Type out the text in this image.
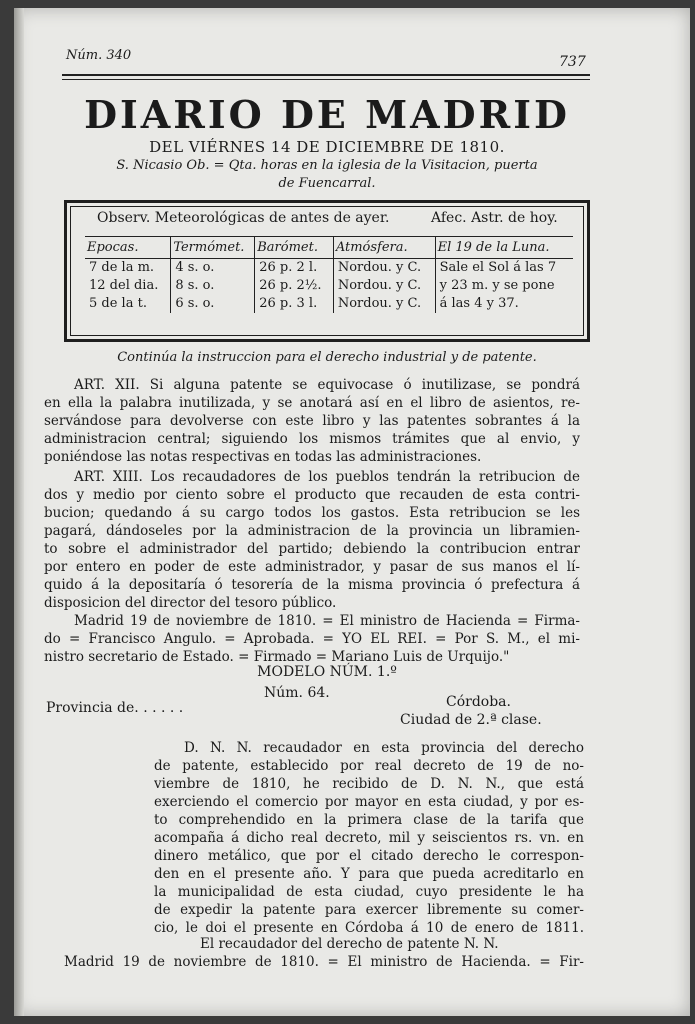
Núm. 340	737
DIARIO DE MADRID
DEL VIÉRNES 14 DE DICIEMBRE DE 1810.
S. Nicasio Ob. = Qta. horas en la iglesia de la Visitacion, puerta
de Fuencarral.
Observ. Meteorológicas de antes de ayer.	Afec. Astr. de hoy.
Epocas.	Termómet.	Barómet.	Atmósfera.	El 19 de la Luna.
7 de la m.	4 s. o.	26 p. 2 l.	Nordou. y C.	Sale el Sol á las 7
12 del dia.	8 s. o.	26 p. 2½.	Nordou. y C.	y 23 m. y se pone
5 de la t.	6 s. o.	26 p. 3 l.	Nordou. y C.	á las 4 y 37.
Continúa la instruccion para el derecho industrial y de patente.
ART. XII. Si alguna patente se equivocase ó inutilizase, se pondrá
en ella la palabra inutilizada, y se anotará así en el libro de asientos, re-
servándose para devolverse con este libro y las patentes sobrantes á la
administracion central; siguiendo los mismos trámites que al envio, y
poniéndose las notas respectivas en todas las administraciones.
ART. XIII. Los recaudadores de los pueblos tendrán la retribucion de
dos y medio por ciento sobre el producto que recauden de esta contri-
bucion; quedando á su cargo todos los gastos. Esta retribucion se les
pagará, dándoseles por la administracion de la provincia un libramien-
to sobre el administrador del partido; debiendo la contribucion entrar
por entero en poder de este administrador, y pasar de sus manos el lí-
quido á la depositaría ó tesorería de la misma provincia ó prefectura á
disposicion del director del tesoro público.
Madrid 19 de noviembre de 1810. = El ministro de Hacienda = Firma-
do = Francisco Angulo. = Aprobada. = YO EL REI. = Por S. M., el mi-
nistro secretario de Estado. = Firmado = Mariano Luis de Urquijo."
MODELO NÚM. 1.º
Núm. 64.
Córdoba.
Provincia de. . . . . .
Ciudad de 2.ª clase.
D. N. N. recaudador en esta provincia del derecho
de patente, establecido por real decreto de 19 de no-
viembre de 1810, he recibido de D. N. N., que está
exerciendo el comercio por mayor en esta ciudad, y por es-
to comprehendido en la primera clase de la tarifa que
acompaña á dicho real decreto, mil y seiscientos rs. vn. en
dinero metálico, que por el citado derecho le correspon-
den en el presente año. Y para que pueda acreditarlo en
la municipalidad de esta ciudad, cuyo presidente le ha
de expedir la patente para exercer libremente su comer-
cio, le doi el presente en Córdoba á 10 de enero de 1811.
El recaudador del derecho de patente N. N.
Madrid 19 de noviembre de 1810. = El ministro de Hacienda. = Fir-
